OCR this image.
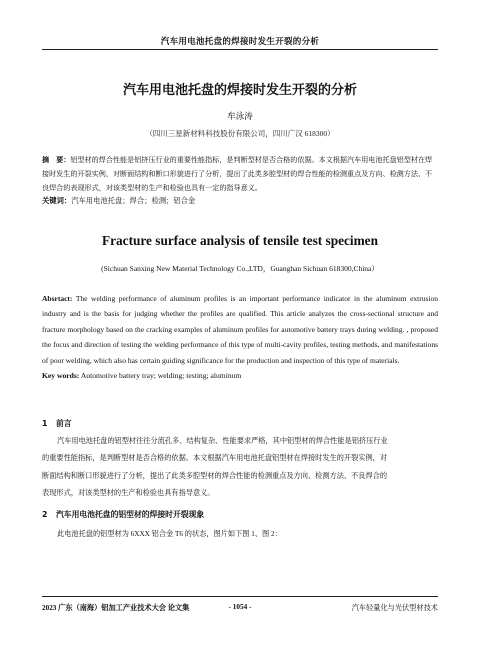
汽车用电池托盘的焊接时发生开裂的分析
汽车用电池托盘的焊接时发生开裂的分析
牟泳涛
（四川三星新材料科技股份有限公司，四川广汉 618300）
摘　要：铝型材的焊合性能是铝挤压行业的重要性能指标，是判断型材是否合格的依据。本文根据汽车用电池托盘铝型材在焊接时发生的开裂实例，对断面结构和断口形貌进行了分析，提出了此类多腔型材的焊合性能的检测重点及方向、检测方法、不良焊合的表现形式，对该类型材的生产和检验也具有一定的指导意义。
关键词：汽车用电池托盘；焊合；检测；铝合金
Fracture surface analysis of tensile test specimen
(Sichuan Sanxing New Material Technology Co.,LTD，Guanghan Sichuan 618300,China）
Absrtact: The welding performance of aluminum profiles is an important performance indicator in the aluminum extrusion industry and is the basis for judging whether the profiles are qualified. This article analyzes the cross-sectional structure and fracture morphology based on the cracking examples of aluminum profiles for automotive battery trays during welding. , proposed the focus and direction of testing the welding performance of this type of multi-cavity profiles, testing methods, and manifestations of poor welding, which also has certain guiding significance for the production and inspection of this type of materials.
Key words: Automotive battery tray; welding; testing; aluminum
1 前言
汽车用电池托盘的铝型材往往分流孔多、结构复杂、性能要求严格，其中铝型材的焊合性能是铝挤压行业
的重要性能指标，是判断型材是否合格的依据。本文根据汽车用电池托盘铝型材在焊接时发生的开裂实例，对
断面结构和断口形貌进行了分析，提出了此类多腔型材的焊合性能的检测重点及方向、检测方法、不良焊合的
表现形式，对该类型材的生产和检验也具有指导意义。
2 汽车用电池托盘的铝型材的焊接时开裂现象
此电池托盘的铝型材为 6XXX 铝合金 T6 的状态，图片如下图 1、图 2：
2023 广东（南海）铝加工产业技术大会 论文集	- 1054 -	汽车轻量化与光伏型材技术
